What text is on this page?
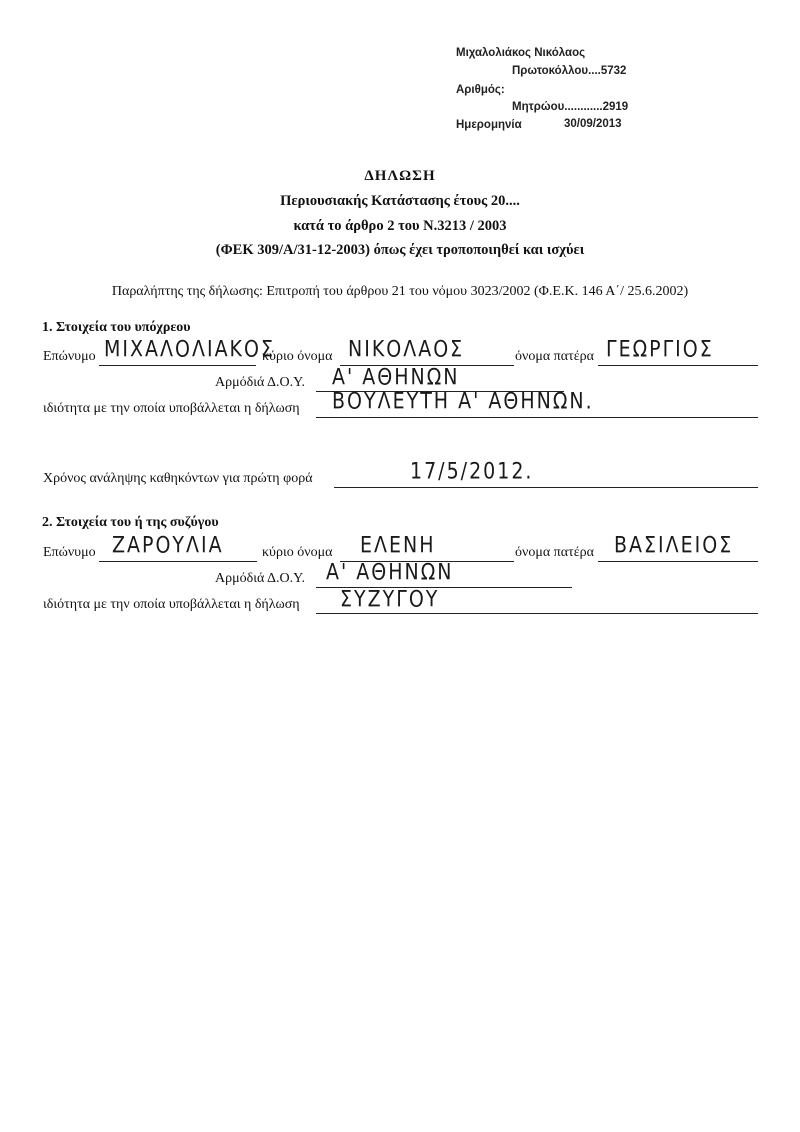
Μιχαλολιάκος Νικόλαος
Πρωτοκόλλου....5732
Αριθμός:
Μητρώου............2919
Ημερομηνία	30/09/2013
ΔΗΛΩΣΗ
Περιουσιακής Κατάστασης έτους 20....
κατά το άρθρο 2 του Ν.3213 / 2003
(ΦΕΚ 309/Α/31-12-2003) όπως έχει τροποποιηθεί και ισχύει
Παραλήπτης της δήλωσης: Επιτροπή του άρθρου 21 του νόμου 3023/2002 (Φ.Ε.Κ. 146 Α΄/ 25.6.2002)
1. Στοιχεία του υπόχρεου
Επώνυμο ΜΙΧΑΛΟΛΙΑΚΟΣ
κύριο όνομα ΝΙΚΟΛΑΟΣ	όνομα πατέρα ΓΕΩΡΓΙΟΣ
Αρμόδιά Δ.Ο.Υ. Α' ΑΘΗΝΩΝ
ιδιότητα με την οποία υποβάλλεται η δήλωση ΒΟΥΛΕΥΤΗ Α' ΑΘΗΝΩΝ.
Χρόνος ανάληψης καθηκόντων για πρώτη φορά	17/5/2012.
2. Στοιχεία του ή της συζύγου
Επώνυμο ΖΑΡΟΥΛΙΑ	κύριο όνομα ΕΛΕΝΗ	όνομα πατέρα ΒΑΣΙΛΕΙΟΣ
Αρμόδιά Δ.Ο.Υ. Α' ΑΘΗΝΩΝ
ιδιότητα με την οποία υποβάλλεται η δήλωση ΣΥΖΥΓΟΥ
